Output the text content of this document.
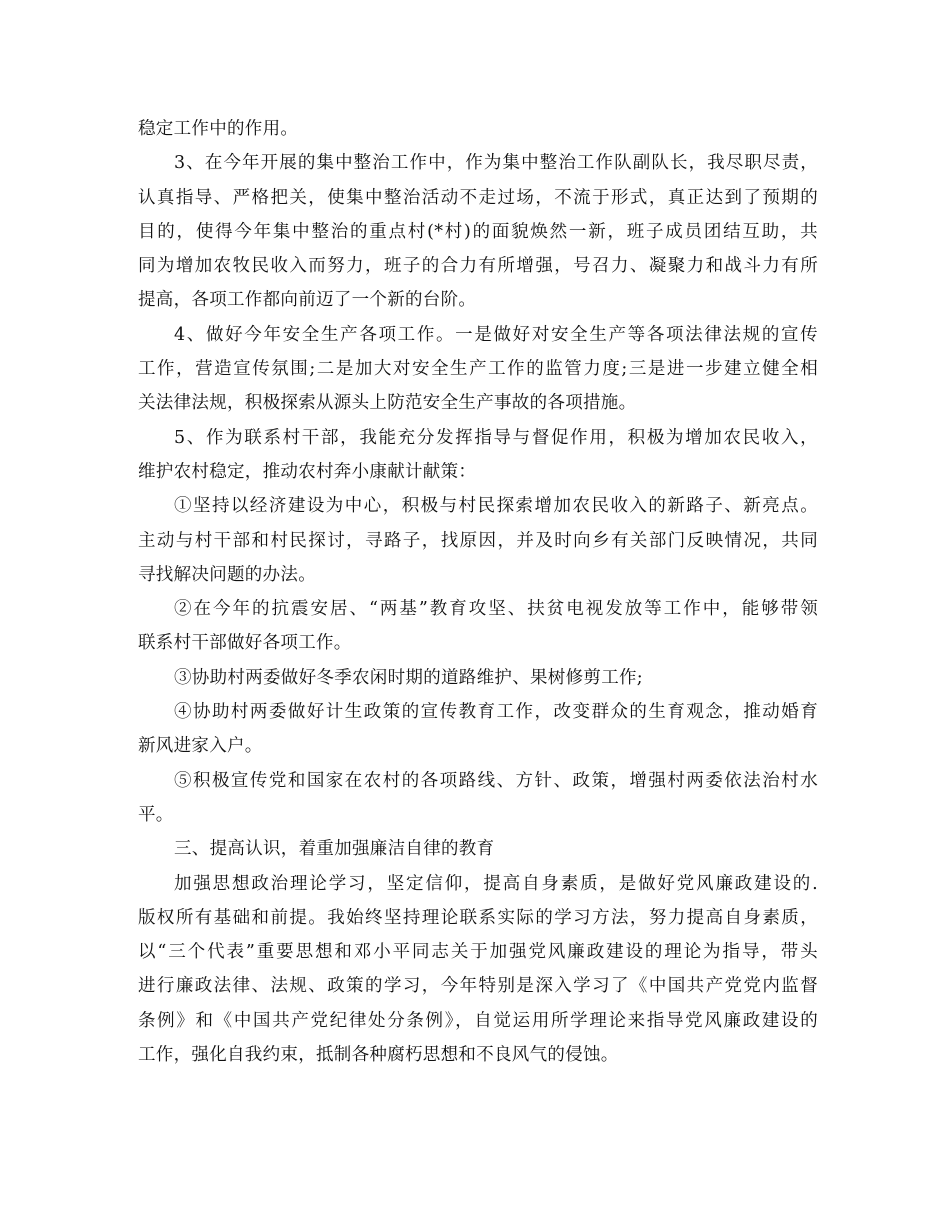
稳定工作中的作用。
3、在今年开展的集中整治工作中，作为集中整治工作队副队长，我尽职尽责，
认真指导、严格把关，使集中整治活动不走过场，不流于形式，真正达到了预期的
目的，使得今年集中整治的重点村(*村)的面貌焕然一新，班子成员团结互助，共
同为增加农牧民收入而努力，班子的合力有所增强，号召力、凝聚力和战斗力有所
提高，各项工作都向前迈了一个新的台阶。
4、做好今年安全生产各项工作。一是做好对安全生产等各项法律法规的宣传
工作，营造宣传氛围;二是加大对安全生产工作的监管力度;三是进一步建立健全相
关法律法规，积极探索从源头上防范安全生产事故的各项措施。
5、作为联系村干部，我能充分发挥指导与督促作用，积极为增加农民收入，
维护农村稳定，推动农村奔小康献计献策：
①坚持以经济建设为中心，积极与村民探索增加农民收入的新路子、新亮点。
主动与村干部和村民探讨，寻路子，找原因，并及时向乡有关部门反映情况，共同
寻找解决问题的办法。
②在今年的抗震安居、“两基”教育攻坚、扶贫电视发放等工作中，能够带领
联系村干部做好各项工作。
③协助村两委做好冬季农闲时期的道路维护、果树修剪工作;
④协助村两委做好计生政策的宣传教育工作，改变群众的生育观念，推动婚育
新风进家入户。
⑤积极宣传党和国家在农村的各项路线、方针、政策，增强村两委依法治村水
平。
三、提高认识，着重加强廉洁自律的教育
加强思想政治理论学习，坚定信仰，提高自身素质，是做好党风廉政建设的.
版权所有基础和前提。我始终坚持理论联系实际的学习方法，努力提高自身素质，
以“三个代表”重要思想和邓小平同志关于加强党风廉政建设的理论为指导，带头
进行廉政法律、法规、政策的学习，今年特别是深入学习了《中国共产党党内监督
条例》和《中国共产党纪律处分条例》，自觉运用所学理论来指导党风廉政建设的
工作，强化自我约束，抵制各种腐朽思想和不良风气的侵蚀。
